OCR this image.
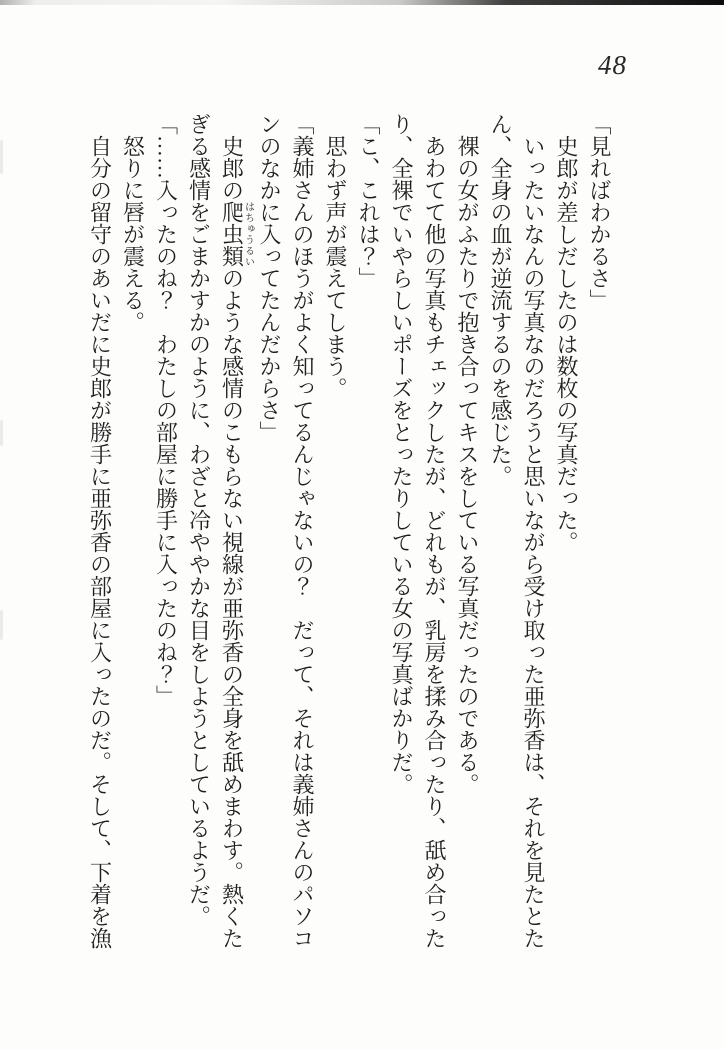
48

「見ればわかるさ」

史郎が差しだしたのは数枚の写真だった。

いったいなんの写真なのだろうと思いながら受け取った亜弥香は、それを見たとたん、全身の血が逆流するのを感じた。

裸の女がふたりで抱き合ってキスをしている写真だったのである。

あわてて他の写真もチェックしたが、どれもが、乳房を揉み合ったり、舐め合ったり、全裸でいやらしいポーズをとったりしている女の写真ばかりだ。

「こ、これは？」

思わず声が震えてしまう。

「義姉さんのほうがよく知ってるんじゃないの？　だって、それは義姉さんのパソコンのなかに入ってたんだからさ」

史郎の爬虫類はちゅうるいのような感情のこもらない視線が亜弥香の全身を舐めまわす。熱くたぎる感情をごまかすかのように、わざと冷ややかな目をしようとしているようだ。

「……入ったのね？　わたしの部屋に勝手に入ったのね？」

怒りに唇が震える。

自分の留守のあいだに史郎が勝手に亜弥香の部屋に入ったのだ。そして、下着を漁
